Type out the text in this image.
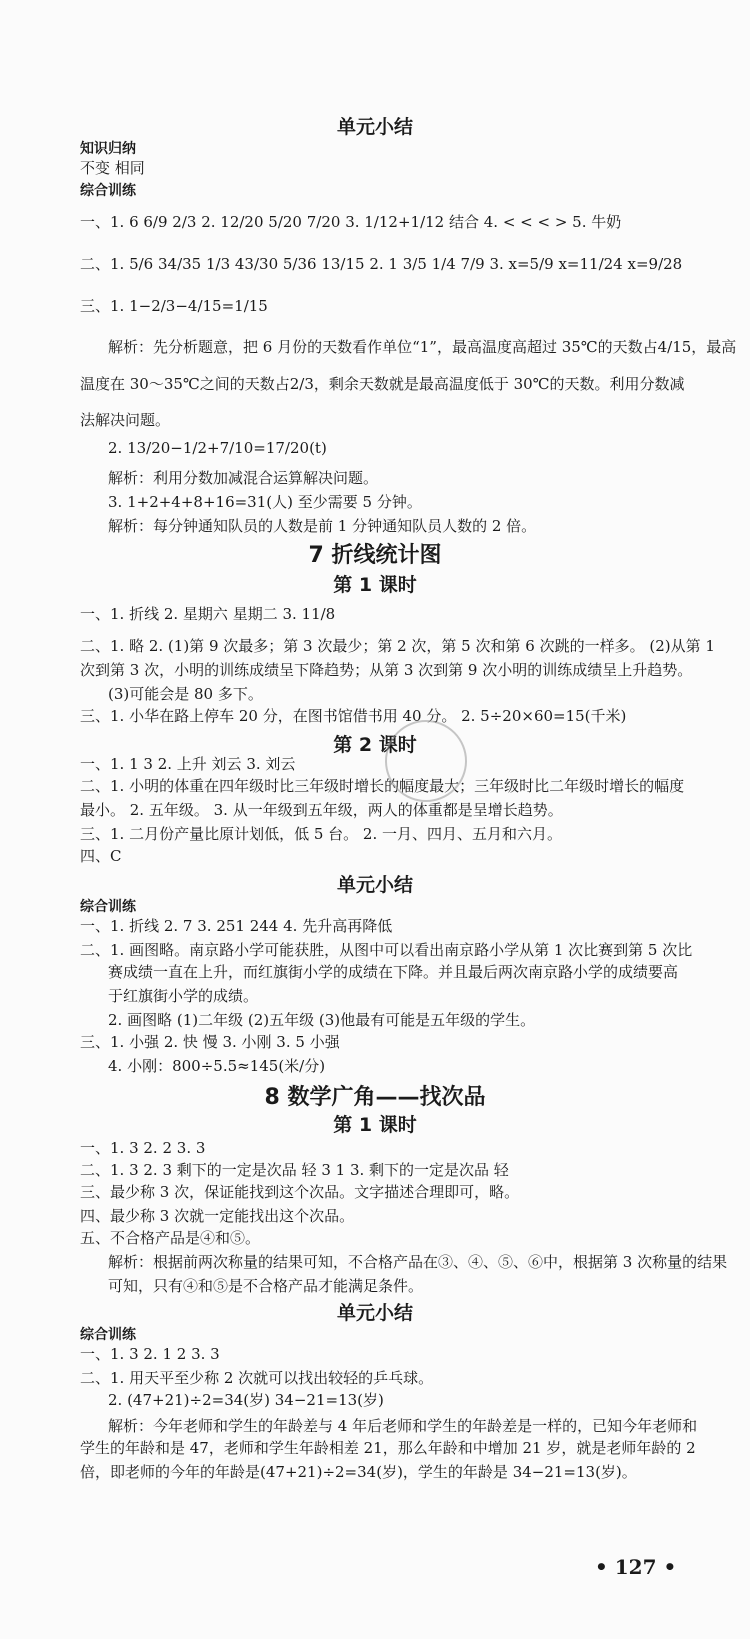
单元小结
知识归纳
不变 相同
综合训练
一、1. 6 6/9 2/3 2. 12/20 5/20 7/20 3. 1/12+1/12 结合 4. < < < > 5. 牛奶
二、1. 5/6 34/35 1/3 43/30 5/36 13/15 2. 1 3/5 1/4 7/9 3. x=5/9 x=11/24 x=9/28
三、1. 1−2/3−4/15=1/15
解析：先分析题意，把 6 月份的天数看作单位“1”，最高温度高超过 35℃的天数占4/15，最高
温度在 30～35℃之间的天数占2/3，剩余天数就是最高温度低于 30℃的天数。利用分数减
法解决问题。
2. 13/20−1/2+7/10=17/20(t)
解析：利用分数加减混合运算解决问题。
3. 1+2+4+8+16=31(人) 至少需要 5 分钟。
解析：每分钟通知队员的人数是前 1 分钟通知队员人数的 2 倍。
7 折线统计图
第 1 课时
一、1. 折线 2. 星期六 星期二 3. 11/8
二、1. 略 2. (1)第 9 次最多；第 3 次最少；第 2 次，第 5 次和第 6 次跳的一样多。 (2)从第 1
次到第 3 次，小明的训练成绩呈下降趋势；从第 3 次到第 9 次小明的训练成绩呈上升趋势。
(3)可能会是 80 多下。
三、1. 小华在路上停车 20 分，在图书馆借书用 40 分。 2. 5÷20×60=15(千米)
第 2 课时
一、1. 1 3 2. 上升 刘云 3. 刘云
二、1. 小明的体重在四年级时比三年级时增长的幅度最大；三年级时比二年级时增长的幅度
最小。 2. 五年级。 3. 从一年级到五年级，两人的体重都是呈增长趋势。
三、1. 二月份产量比原计划低，低 5 台。 2. 一月、四月、五月和六月。
四、C
单元小结
综合训练
一、1. 折线 2. 7 3. 251 244 4. 先升高再降低
二、1. 画图略。南京路小学可能获胜，从图中可以看出南京路小学从第 1 次比赛到第 5 次比
赛成绩一直在上升，而红旗街小学的成绩在下降。并且最后两次南京路小学的成绩要高
于红旗街小学的成绩。
2. 画图略 (1)二年级 (2)五年级 (3)他最有可能是五年级的学生。
三、1. 小强 2. 快 慢 3. 小刚 3. 5 小强
4. 小刚：800÷5.5≈145(米/分)
8 数学广角——找次品
第 1 课时
一、1. 3 2. 2 3. 3
二、1. 3 2. 3 剩下的一定是次品 轻 3 1 3. 剩下的一定是次品 轻
三、最少称 3 次，保证能找到这个次品。文字描述合理即可，略。
四、最少称 3 次就一定能找出这个次品。
五、不合格产品是④和⑤。
解析：根据前两次称量的结果可知，不合格产品在③、④、⑤、⑥中，根据第 3 次称量的结果
可知，只有④和⑤是不合格产品才能满足条件。
单元小结
综合训练
一、1. 3 2. 1 2 3. 3
二、1. 用天平至少称 2 次就可以找出较轻的乒乓球。
2. (47+21)÷2=34(岁) 34−21=13(岁)
解析：今年老师和学生的年龄差与 4 年后老师和学生的年龄差是一样的，已知今年老师和
学生的年龄和是 47，老师和学生年龄相差 21，那么年龄和中增加 21 岁，就是老师年龄的 2
倍，即老师的今年的年龄是(47+21)÷2=34(岁)，学生的年龄是 34−21=13(岁)。
• 127 •
